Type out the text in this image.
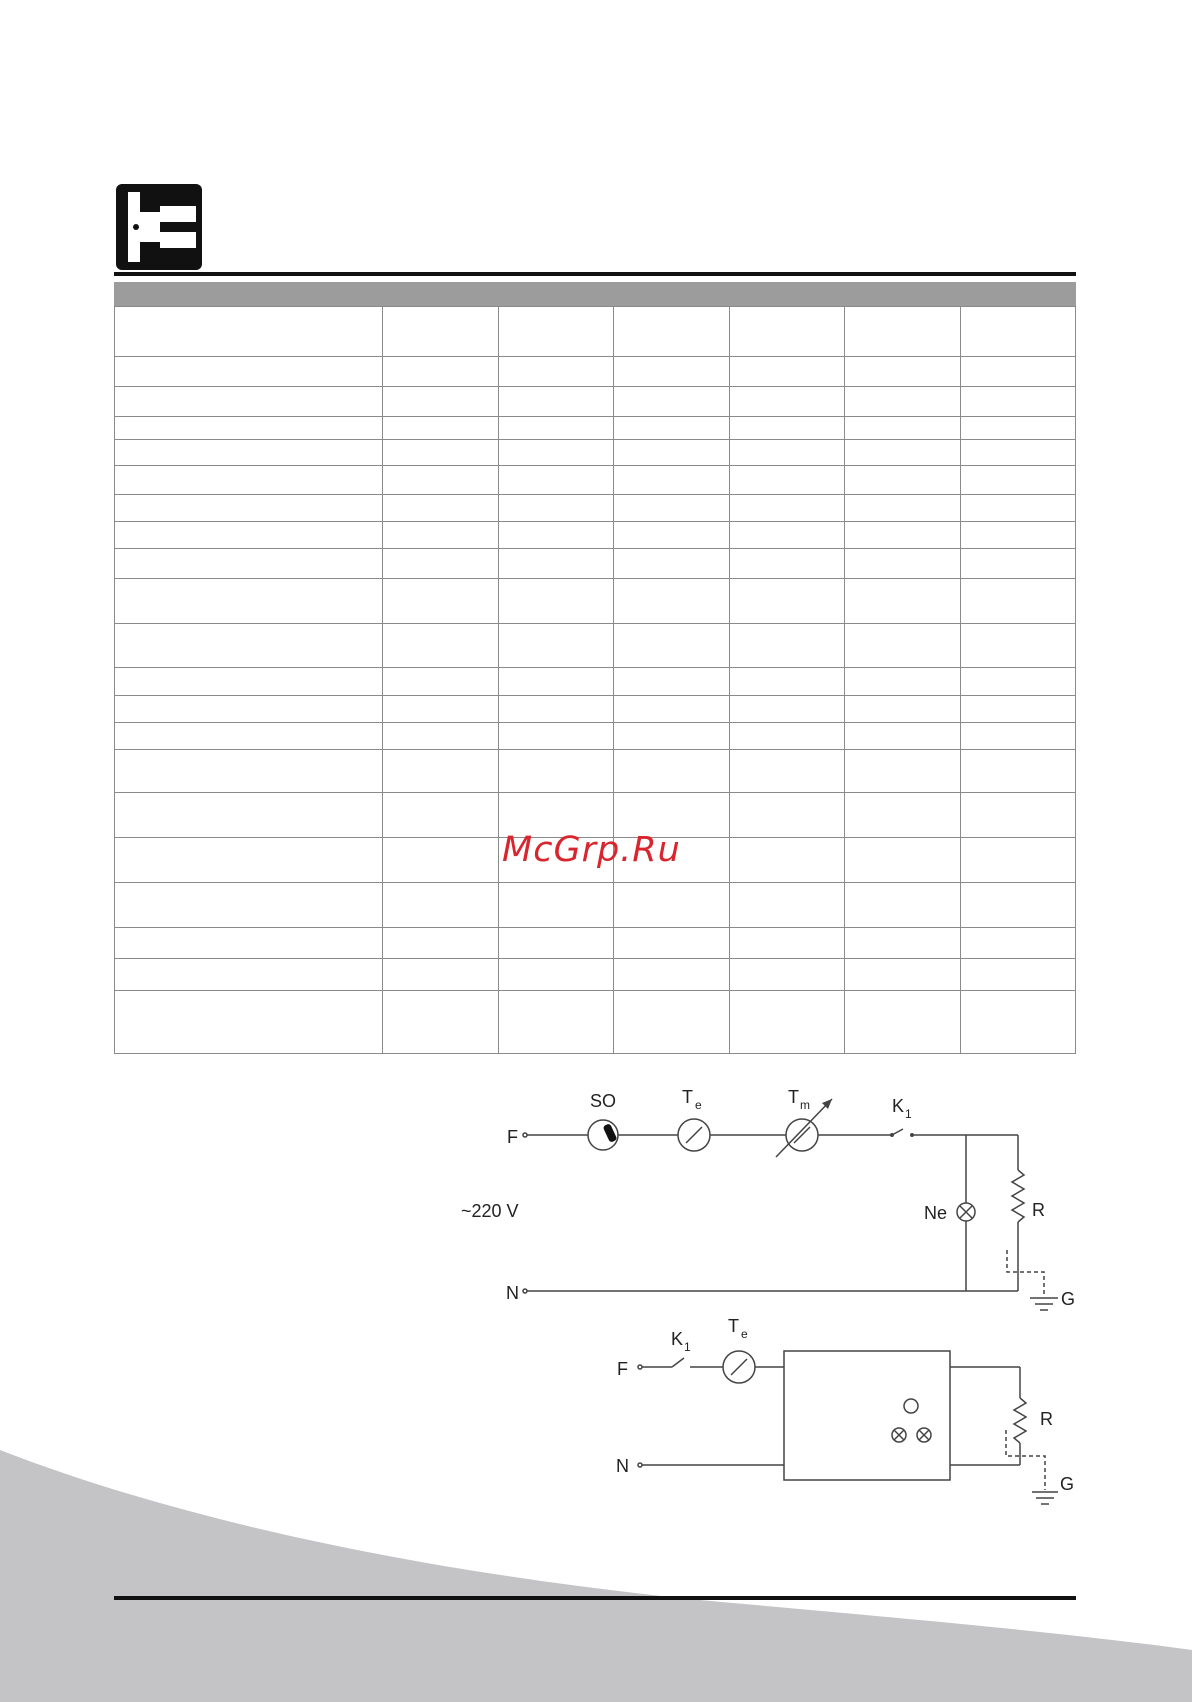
McGrp.Ru
F
N
~220 V
SO	T e	T m	K 1
Ne	R
G
F
N
K 1
T e
R
G
